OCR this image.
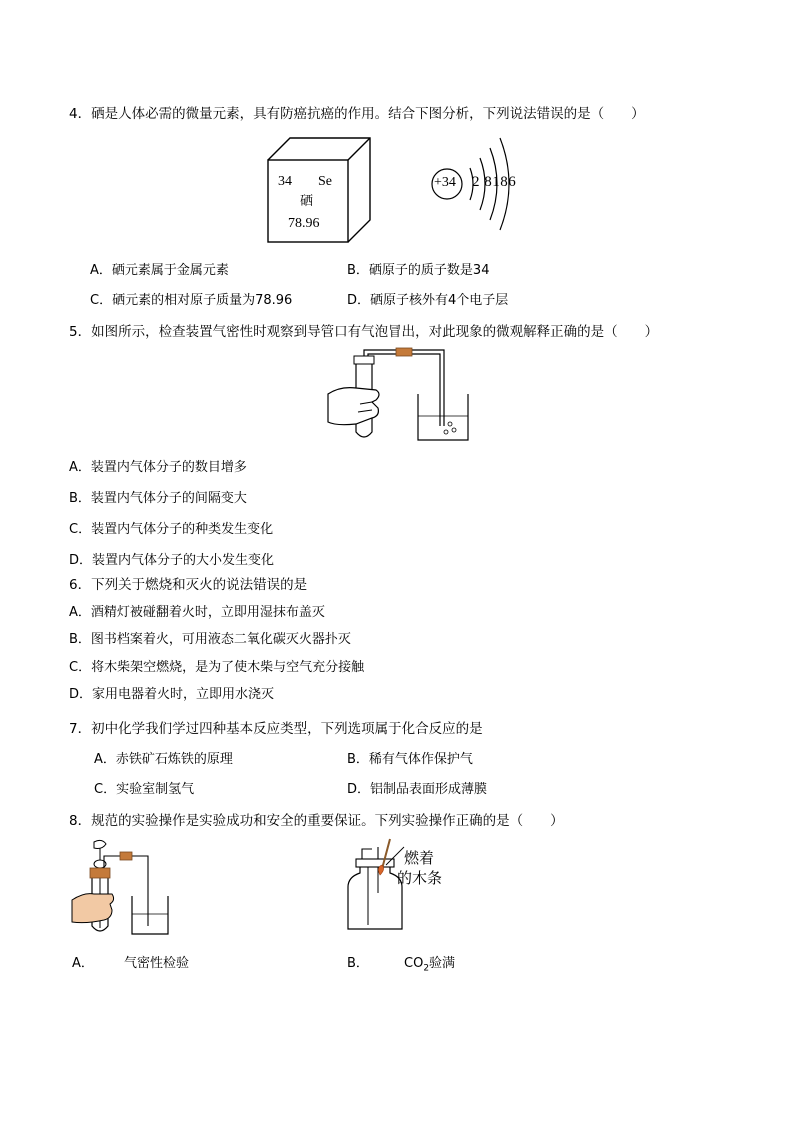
4．硒是人体必需的微量元素，具有防癌抗癌的作用。结合下图分析，下列说法错误的是（　　）
34 Se
硒
78.96
+34 2 8186
A．硒元素属于金属元素	B．硒原子的质子数是34
C．硒元素的相对原子质量为78.96	D．硒原子核外有4个电子层
5．如图所示，检查装置气密性时观察到导管口有气泡冒出，对此现象的微观解释正确的是（　　）
A．装置内气体分子的数目增多
B．装置内气体分子的间隔变大
C．装置内气体分子的种类发生变化
D．装置内气体分子的大小发生变化
6．下列关于燃烧和灭火的说法错误的是
A．酒精灯被碰翻着火时，立即用湿抹布盖灭
B．图书档案着火，可用液态二氧化碳灭火器扑灭
C．将木柴架空燃烧，是为了使木柴与空气充分接触
D．家用电器着火时，立即用水浇灭
7．初中化学我们学过四种基本反应类型，下列选项属于化合反应的是
A．赤铁矿石炼铁的原理	B．稀有气体作保护气
C．实验室制氢气	D．铝制品表面形成薄膜
8．规范的实验操作是实验成功和安全的重要保证。下列实验操作正确的是（　　）
燃着
的木条
A． 气密性检验	B．	$CO_2$验满
